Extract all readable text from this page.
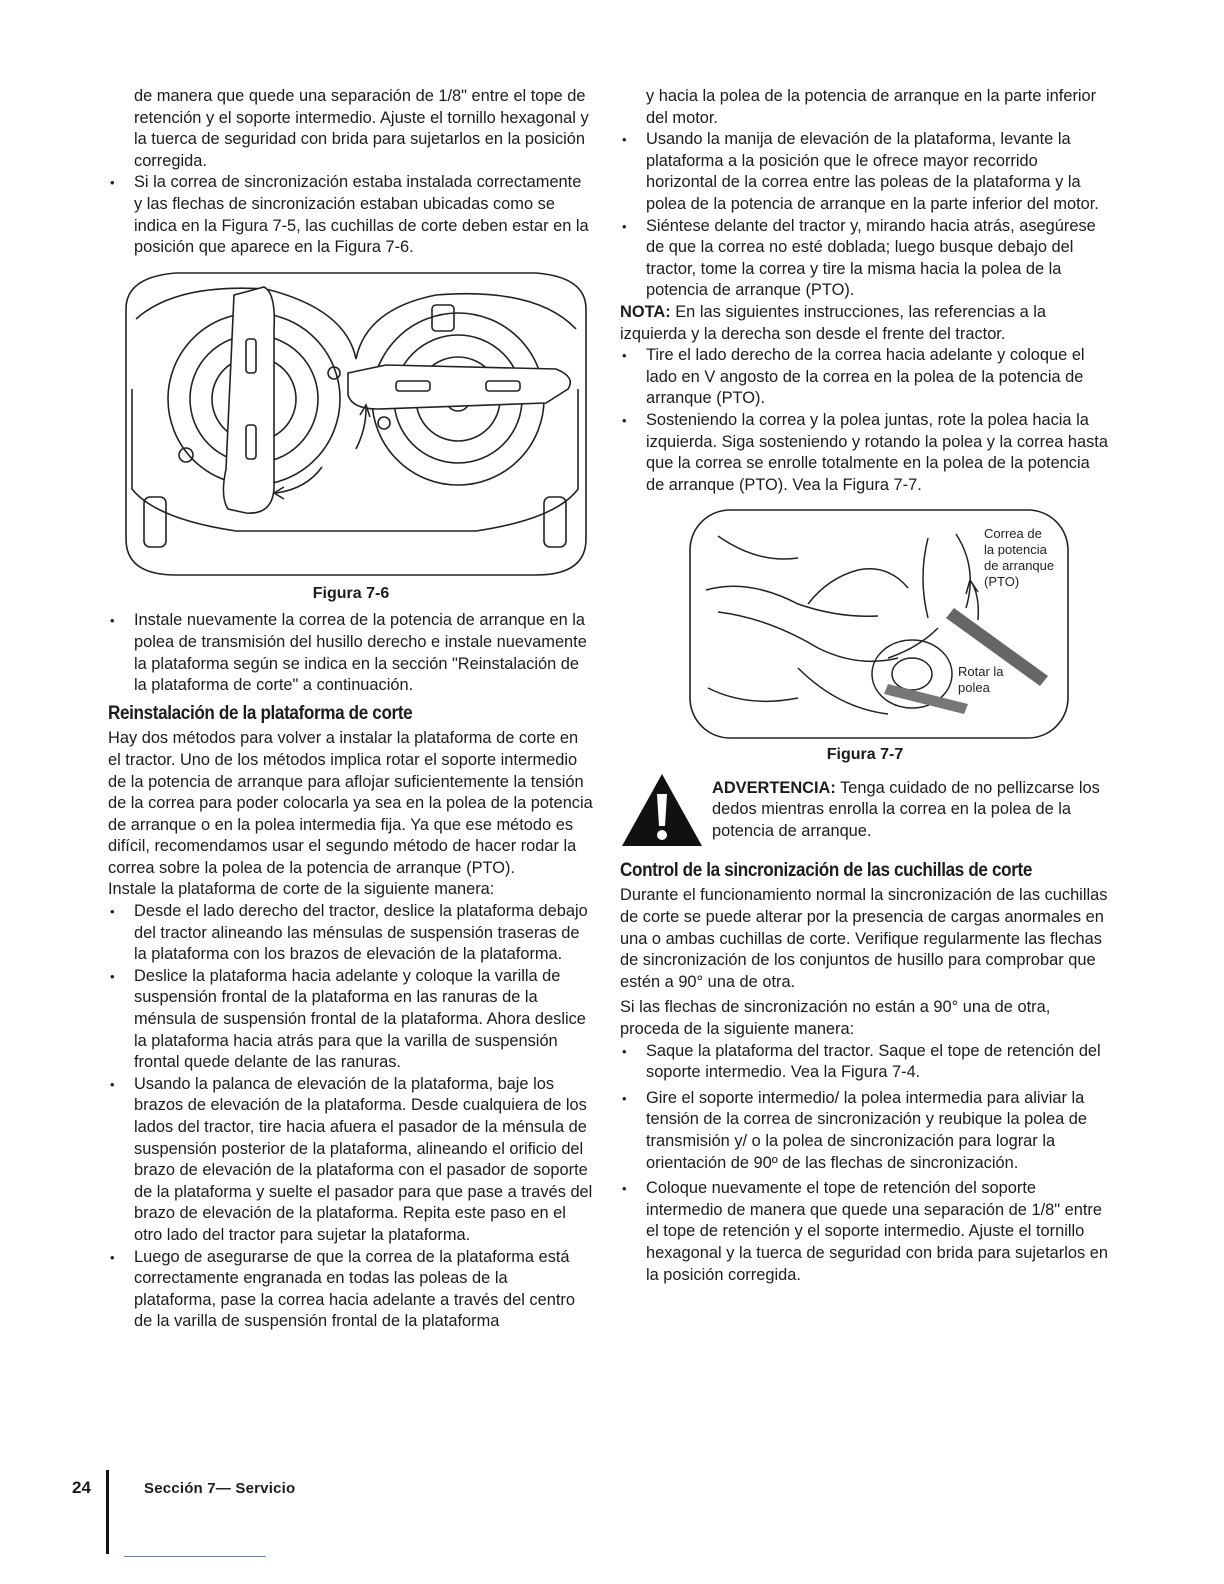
de manera que quede una separación de 1/8" entre el tope de retención y el soporte intermedio. Ajuste el tornillo hexagonal y la tuerca de seguridad con brida para sujetarlos en la posición corregida.

• Si la correa de sincronización estaba instalada correctamente y las flechas de sincronización estaban ubicadas como se indica en la Figura 7-5, las cuchillas de corte deben estar en la posición que aparece en la Figura 7-6.

Figura 7-6

• Instale nuevamente la correa de la potencia de arranque en la polea de transmisión del husillo derecho e instale nuevamente la plataforma según se indica en la sección "Reinstalación de la plataforma de corte" a continuación.
Reinstalación de la plataforma de corte

Hay dos métodos para volver a instalar la plataforma de corte en el tractor. Uno de los métodos implica rotar el soporte intermedio de la potencia de arranque para aflojar suficientemente la tensión de la correa para poder colocarla ya sea en la polea de la potencia de arranque o en la polea intermedia fija. Ya que ese método es difícil, recomendamos usar el segundo método de hacer rodar la correa sobre la polea de la potencia de arranque (PTO).

Instale la plataforma de corte de la siguiente manera:

• Desde el lado derecho del tractor, deslice la plataforma debajo del tractor alineando las ménsulas de suspensión traseras de la plataforma con los brazos de elevación de la plataforma.
• Deslice la plataforma hacia adelante y coloque la varilla de suspensión frontal de la plataforma en las ranuras de la ménsula de suspensión frontal de la plataforma. Ahora deslice la plataforma hacia atrás para que la varilla de suspensión frontal quede delante de las ranuras.
• Usando la palanca de elevación de la plataforma, baje los brazos de elevación de la plataforma. Desde cualquiera de los lados del tractor, tire hacia afuera el pasador de la ménsula de suspensión posterior de la plataforma, alineando el orificio del brazo de elevación de la plataforma con el pasador de soporte de la plataforma y suelte el pasador para que pase a través del brazo de elevación de la plataforma. Repita este paso en el otro lado del tractor para sujetar la plataforma.
• Luego de asegurarse de que la correa de la plataforma está correctamente engranada en todas las poleas de la plataforma, pase la correa hacia adelante a través del centro de la varilla de suspensión frontal de la plataforma

y hacia la polea de la potencia de arranque en la parte inferior del motor.

• Usando la manija de elevación de la plataforma, levante la plataforma a la posición que le ofrece mayor recorrido horizontal de la correa entre las poleas de la plataforma y la polea de la potencia de arranque en la parte inferior del motor.
• Siéntese delante del tractor y, mirando hacia atrás, asegúrese de que la correa no esté doblada; luego busque debajo del tractor, tome la correa y tire la misma hacia la polea de la potencia de arranque (PTO).

NOTA: En las siguientes instrucciones, las referencias a la izquierda y la derecha son desde el frente del tractor.

• Tire el lado derecho de la correa hacia adelante y coloque el lado en V angosto de la correa en la polea de la potencia de arranque (PTO).
• Sosteniendo la correa y la polea juntas, rote la polea hacia la izquierda. Siga sosteniendo y rotando la polea y la correa hasta que la correa se enrolle totalmente en la polea de la potencia de arranque (PTO). Vea la Figura 7-7.
Correa de
la potencia
de arranque
(PTO)
Rotar la
polea

Figura 7-7

ADVERTENCIA: Tenga cuidado de no pellizcarse los dedos mientras enrolla la correa en la polea de la potencia de arranque.

Control de la sincronización de las cuchillas de corte

Durante el funcionamiento normal la sincronización de las cuchillas de corte se puede alterar por la presencia de cargas anormales en una o ambas cuchillas de corte. Verifique regularmente las flechas de sincronización de los conjuntos de husillo para comprobar que estén a 90° una de otra.

Si las flechas de sincronización no están a 90° una de otra, proceda de la siguiente manera:

• Saque la plataforma del tractor. Saque el tope de retención del soporte intermedio. Vea la Figura 7-4.
• Gire el soporte intermedio/ la polea intermedia para aliviar la tensión de la correa de sincronización y reubique la polea de transmisión y/ o la polea de sincronización para lograr la orientación de 90º de las flechas de sincronización.
• Coloque nuevamente el tope de retención del soporte intermedio de manera que quede una separación de 1/8" entre el tope de retención y el soporte intermedio. Ajuste el tornillo hexagonal y la tuerca de seguridad con brida para sujetarlos en la posición corregida.
24	Sección 7— Servicio
